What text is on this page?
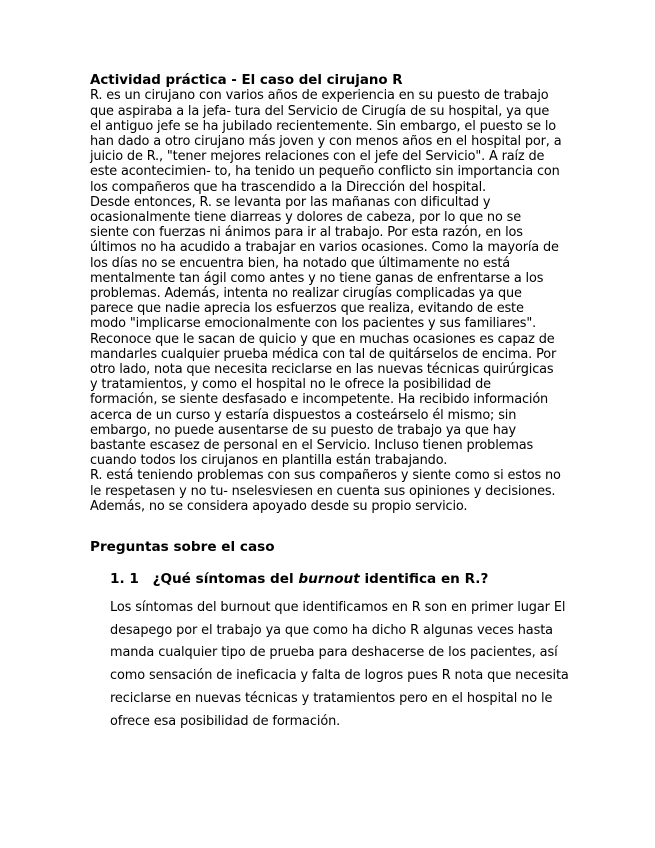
Actividad práctica - El caso del cirujano R

R. es un cirujano con varios años de experiencia en su puesto de trabajo que aspiraba a la jefa- tura del Servicio de Cirugía de su hospital, ya que el antiguo jefe se ha jubilado recientemente. Sin embargo, el puesto se lo han dado a otro cirujano más joven y con menos años en el hospital por, a juicio de R., "tener mejores relaciones con el jefe del Servicio". A raíz de este acontecimien- to, ha tenido un pequeño conflicto sin importancia con los compañeros que ha trascendido a la Dirección del hospital.

Desde entonces, R. se levanta por las mañanas con dificultad y ocasionalmente tiene diarreas y dolores de cabeza, por lo que no se siente con fuerzas ni ánimos para ir al trabajo. Por esta razón, en los últimos no ha acudido a trabajar en varios ocasiones. Como la mayoría de los días no se encuentra bien, ha notado que últimamente no está mentalmente tan ágil como antes y no tiene ganas de enfrentarse a los problemas. Además, intenta no realizar cirugías complicadas ya que parece que nadie aprecia los esfuerzos que realiza, evitando de este modo "implicarse emocionalmente con los pacientes y sus familiares". Reconoce que le sacan de quicio y que en muchas ocasiones es capaz de mandarles cualquier prueba médica con tal de quitárselos de encima. Por otro lado, nota que necesita reciclarse en las nuevas técnicas quirúrgicas y tratamientos, y como el hospital no le ofrece la posibilidad de formación, se siente desfasado e incompetente. Ha recibido información acerca de un curso y estaría dispuestos a costeárselo él mismo; sin embargo, no puede ausentarse de su puesto de trabajo ya que hay bastante escasez de personal en el Servicio. Incluso tienen problemas cuando todos los cirujanos en plantilla están trabajando.

R. está teniendo problemas con sus compañeros y siente como si estos no le respetasen y no tu- nselesviesen en cuenta sus opiniones y decisiones. Además, no se considera apoyado desde su propio servicio.

Preguntas sobre el caso
1. 1 ¿Qué síntomas del burnout identifica en R.?

Los síntomas del burnout que identificamos en R son en primer lugar El desapego por el trabajo ya que como ha dicho R algunas veces hasta manda cualquier tipo de prueba para deshacerse de los pacientes, así como sensación de ineficacia y falta de logros pues R nota que necesita reciclarse en nuevas técnicas y tratamientos pero en el hospital no le ofrece esa posibilidad de formación.
